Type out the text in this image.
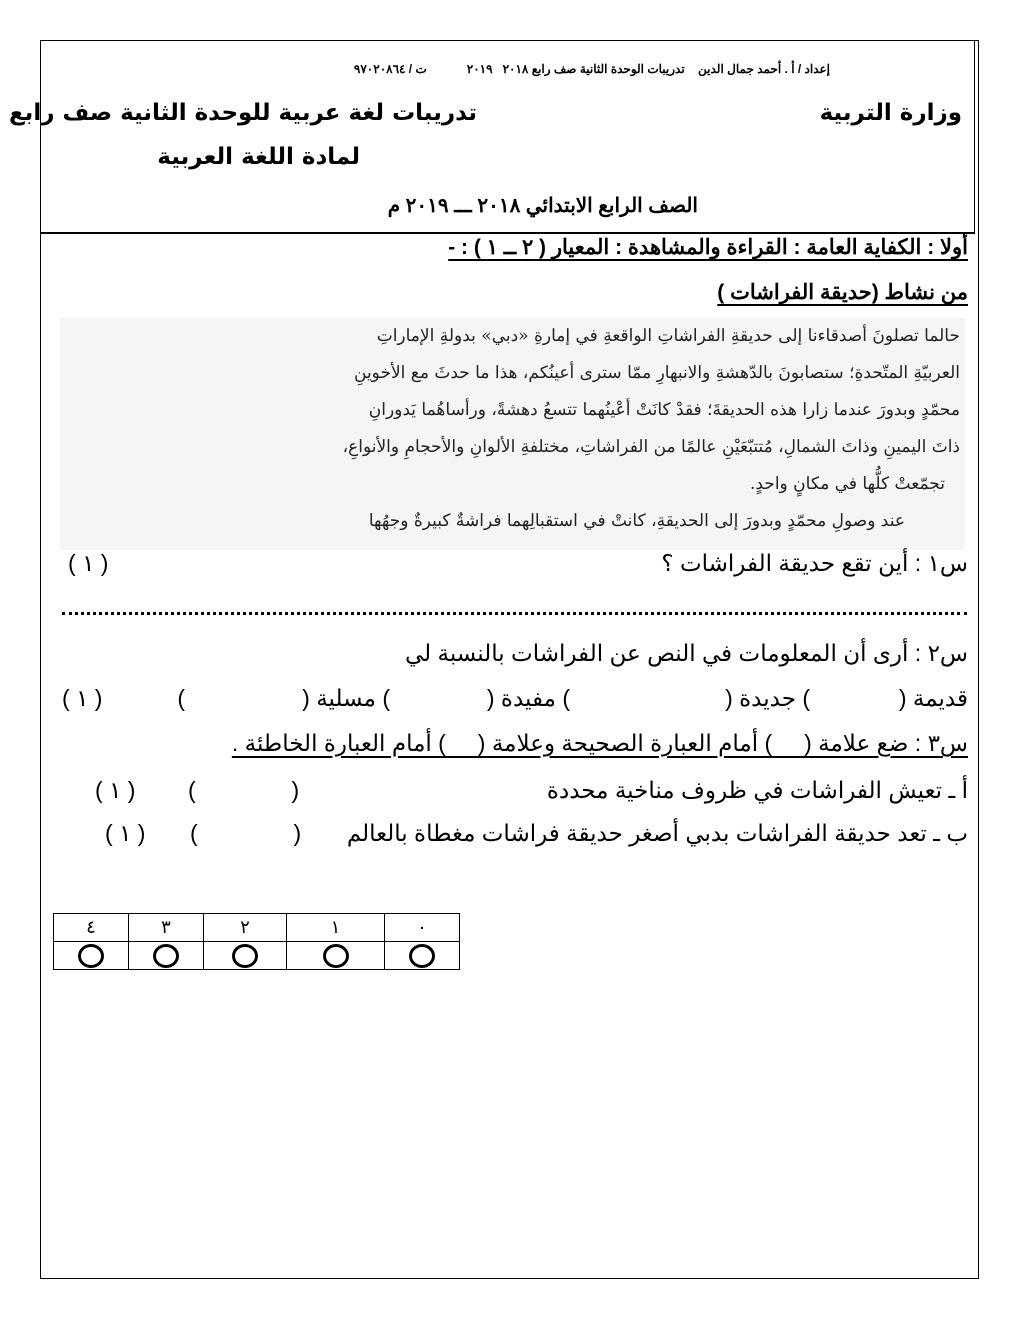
إعداد / أ . أحمد جمال الدين    تدريبات الوحدة الثانية صف رابع ٢٠١٨   ٢٠١٩            ت / ٩٧٠٢٠٨٦٤
وزارة التربية
تدريبات لغة عربية للوحدة الثانية صف رابع
لمادة اللغة العربية
الصف الرابع الابتدائي ٢٠١٨ ـــ ٢٠١٩ م
أولا : الكفاية العامة : القراءة والمشاهدة : المعيار ( ٢ ــ ١ ) : -
من نشاط (حديقة الفراشات )
حالما تصلونَ أصدقاءنا إلى حديقةِ الفراشاتِ الواقعةِ في إمارةِ «دبي» بدولةِ الإماراتِ
العربيّةِ المتّحدةِ؛ ستصابونَ بالدّهشةِ والانبهارِ ممّا سترى أعينُكم، هذا ما حدثَ مع الأخوينِ
محمّدٍ وبدورَ عندما زارا هذه الحديقةَ؛ فقدْ كانَتْ أعْينُهما تتسعُ دهشةً، ورأساهُما يَدورانِ
ذاتَ اليمينِ وذاتَ الشمالِ، مُتتبّعَيْنِ عالمًا من الفراشاتِ، مختلفةِ الألوانِ والأحجامِ والأنواعِ،
تجمّعتْ كلُّها في مكانٍ واحدٍ.
عند وصولِ محمّدٍ وبدورَ إلى الحديقةِ، كانتْ في استقبالِهما فراشةٌ كبيرةٌ وجهُها
س١ : أين تقع حديقة الفراشات ؟
( ١ )
س٢ : أرى أن المعلومات في النص عن الفراشات بالنسبة لي
قديمة (
) جديدة (
) مفيدة (
) مسلية (
)
( ١ )
س٣ : ضع علامة (     ) أمام العبارة الصحيحة وعلامة (     ) أمام العبارة الخاطئة .
أ ـ تعيش الفراشات في ظروف مناخية محددة
(               )
( ١ )
ب ـ تعد حديقة الفراشات بدبي أصغر حديقة فراشات مغطاة بالعالم
(               )
( ١ )
٤	٣	٢	١	٠
